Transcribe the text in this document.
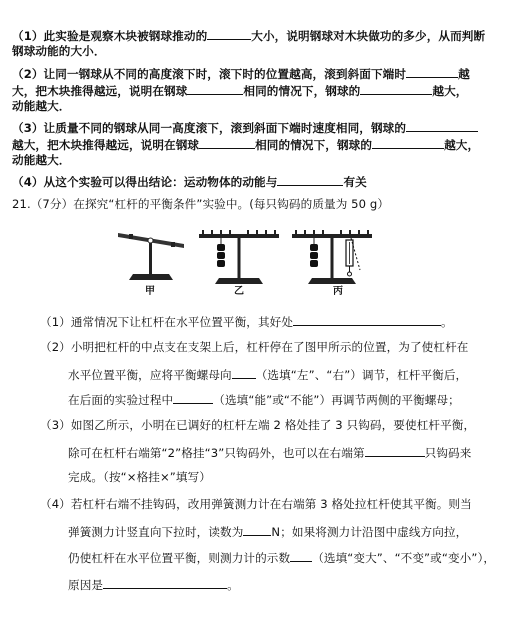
（1）此实验是观察木块被钢球推动的	大小，说明钢球对木块做功的多少，从而判断
钢球动能的大小．
（2）让同一钢球从不同的高度滚下时，滚下时的位置越高，滚到斜面下端时	越
大，把木块推得越远，说明在钢球	相同的情况下，钢球的	越大，
动能越大．
（3）让质量不同的钢球从同一高度滚下，滚到斜面下端时速度相同，钢球的
越大，把木块推得越远，说明在钢球	相同的情况下，钢球的	越大，
动能越大．
（4）从这个实验可以得出结论：运动物体的动能与	有关
21.（7分）在探究“杠杆的平衡条件”实验中。(每只钩码的质量为 50 g）
甲	乙	丙
（1）通常情况下让杠杆在水平位置平衡，其好处	。
（2）小明把杠杆的中点支在支架上后，杠杆停在了图甲所示的位置，为了使杠杆在
水平位置平衡，应将平衡螺母向 （选填“左”、“右”）调节，杠杆平衡后，
在后面的实验过程中	（选填“能”或“不能”）再调节两侧的平衡螺母；
（3）如图乙所示，小明在已调好的杠杆左端 2 格处挂了 3 只钩码，要使杠杆平衡，
除可在杠杆右端第“2”格挂“3”只钩码外，也可以在右端第	只钩码来
完成。（按“×格挂×”填写）
（4）若杠杆右端不挂钩码，改用弹簧测力计在右端第 3 格处拉杠杆使其平衡。则当
弹簧测力计竖直向下拉时，读数为 N；如果将测力计沿图中虚线方向拉，
仍使杠杆在水平位置平衡，则测力计的示数 （选填“变大”、“不变”或“变小”），
原因是	。
